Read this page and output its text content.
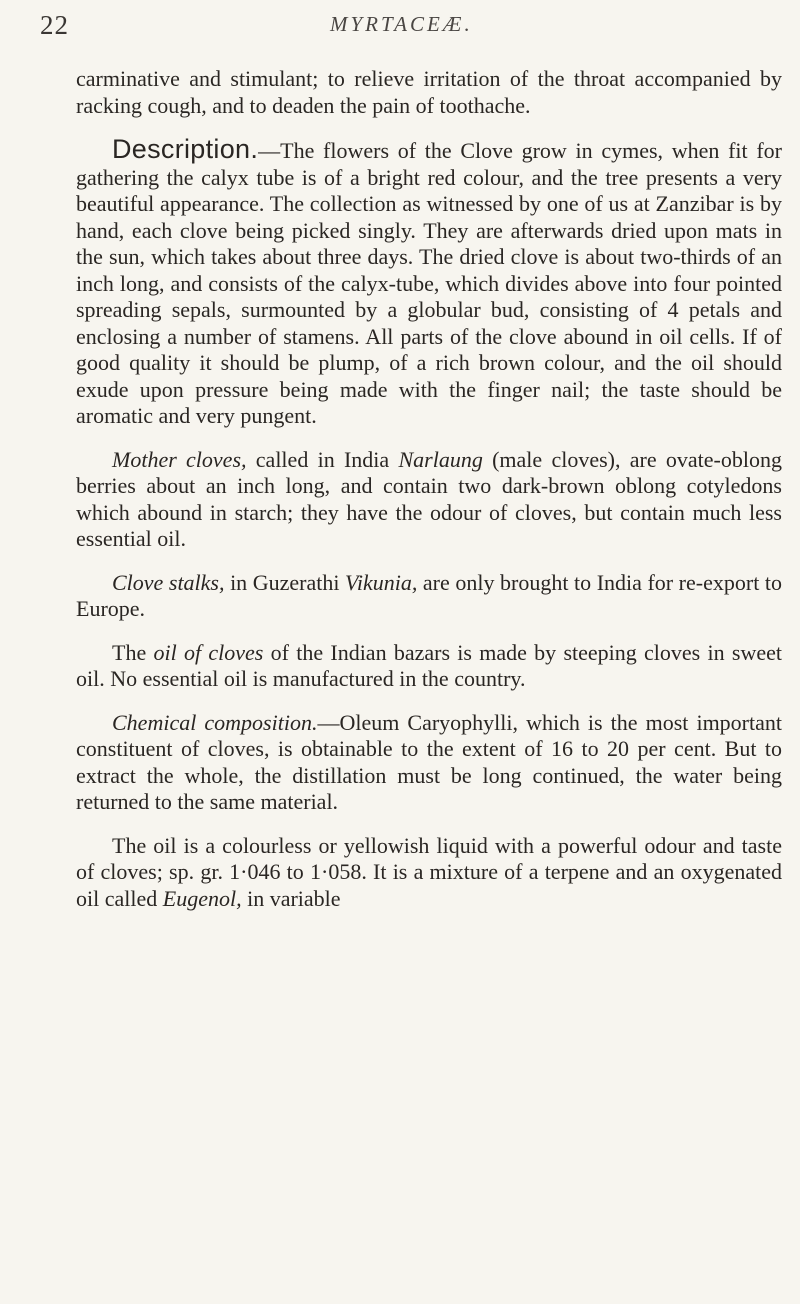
22	MYRTACEÆ.

carminative and stimulant; to relieve irritation of the throat accompanied by racking cough, and to deaden the pain of toothache.

Description.—The flowers of the Clove grow in cymes, when fit for gathering the calyx tube is of a bright red colour, and the tree presents a very beautiful appearance. The collection as witnessed by one of us at Zanzibar is by hand, each clove being picked singly. They are afterwards dried upon mats in the sun, which takes about three days. The dried clove is about two-thirds of an inch long, and consists of the calyx-tube, which divides above into four pointed spreading sepals, surmounted by a globular bud, consisting of 4 petals and enclosing a number of stamens. All parts of the clove abound in oil cells. If of good quality it should be plump, of a rich brown colour, and the oil should exude upon pressure being made with the finger nail; the taste should be aromatic and very pungent.

Mother cloves, called in India Narlaung (male cloves), are ovate-oblong berries about an inch long, and contain two dark-brown oblong cotyledons which abound in starch; they have the odour of cloves, but contain much less essential oil.

Clove stalks, in Guzerathi Vikunia, are only brought to India for re-export to Europe.

The oil of cloves of the Indian bazars is made by steeping cloves in sweet oil. No essential oil is manufactured in the country.

Chemical composition.—Oleum Caryophylli, which is the most important constituent of cloves, is obtainable to the extent of 16 to 20 per cent. But to extract the whole, the distillation must be long continued, the water being returned to the same material.

The oil is a colourless or yellowish liquid with a powerful odour and taste of cloves; sp. gr. 1·046 to 1·058. It is a mixture of a terpene and an oxygenated oil called Eugenol, in variable
